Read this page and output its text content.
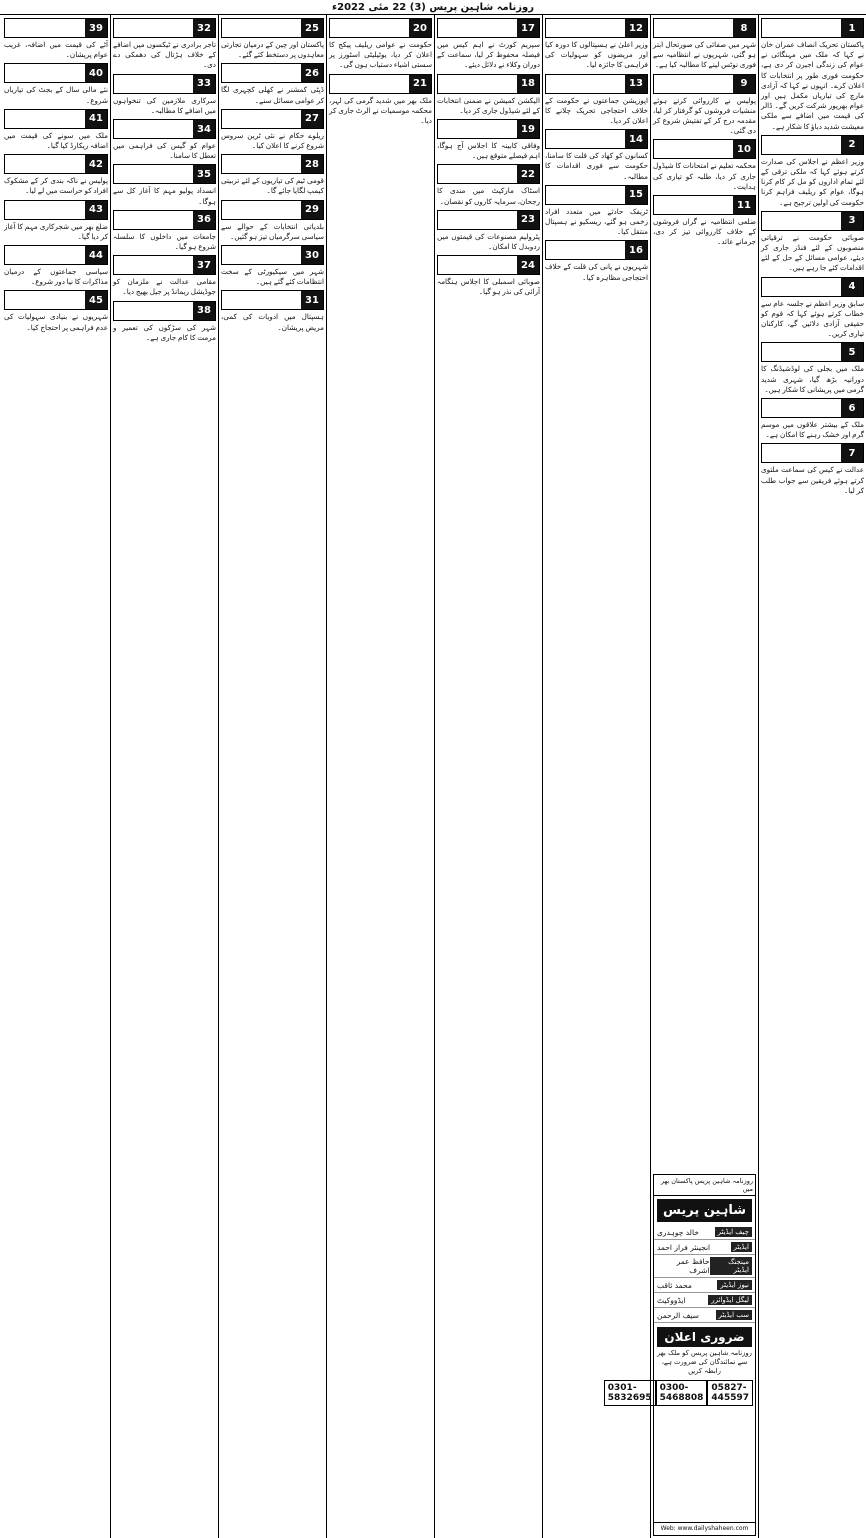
روزنامہ شاہین پریس (3) 22 مئی 2022ء
1
پاکستان تحریک انصاف عمران خان نے کہا کہ ملک میں مہنگائی نے عوام کی زندگی اجیرن کر دی ہے، حکومت فوری طور پر انتخابات کا اعلان کرے۔ انہوں نے کہا کہ آزادی مارچ کی تیاریاں مکمل ہیں اور عوام بھرپور شرکت کریں گے۔ ڈالر کی قیمت میں اضافے سے ملکی معیشت شدید دباؤ کا شکار ہے۔
2
وزیر اعظم نے اجلاس کی صدارت کرتے ہوئے کہا کہ ملکی ترقی کے لئے تمام اداروں کو مل کر کام کرنا ہوگا، عوام کو ریلیف فراہم کرنا حکومت کی اولین ترجیح ہے۔
3
صوبائی حکومت نے ترقیاتی منصوبوں کے لئے فنڈز جاری کر دیئے، عوامی مسائل کے حل کے لئے اقدامات کئے جا رہے ہیں۔
4
سابق وزیر اعظم نے جلسہ عام سے خطاب کرتے ہوئے کہا کہ قوم کو حقیقی آزادی دلائیں گے، کارکنان تیاری کریں۔
5
ملک میں بجلی کی لوڈشیڈنگ کا دورانیہ بڑھ گیا، شہری شدید گرمی میں پریشانی کا شکار ہیں۔
6
ملک کے بیشتر علاقوں میں موسم گرم اور خشک رہنے کا امکان ہے۔
7
عدالت نے کیس کی سماعت ملتوی کرتے ہوئے فریقین سے جواب طلب کر لیا۔
8
شہر میں صفائی کی صورتحال ابتر ہو گئی، شہریوں نے انتظامیہ سے فوری نوٹس لینے کا مطالبہ کیا ہے۔
9
پولیس نے کارروائی کرتے ہوئے منشیات فروشوں کو گرفتار کر لیا، مقدمہ درج کر کے تفتیش شروع کر دی گئی۔
10
محکمہ تعلیم نے امتحانات کا شیڈول جاری کر دیا، طلبہ کو تیاری کی ہدایت۔
11
ضلعی انتظامیہ نے گراں فروشوں کے خلاف کارروائی تیز کر دی، جرمانے عائد۔
روزنامہ شاہین پریس پاکستان بھر میں
شاہین پریس
چیف ایڈیٹر
خالد چوہدری
ایڈیٹر
انجینئر فراز احمد
مینجنگ ایڈیٹر
حافظ عمر اشرف
نیوز ایڈیٹر
محمد ثاقب
لیگل ایڈوائزر
ایڈووکیٹ
سب ایڈیٹر
سیف الرحمن
ضروری اعلان
روزنامہ شاہین پریس کو ملک بھر سے نمائندگان کی ضرورت ہے، رابطہ کریں
05827-445597
0300-5468808
0301-5832695
Web: www.dailyshaheen.com
12
وزیر اعلیٰ نے ہسپتالوں کا دورہ کیا اور مریضوں کو سہولیات کی فراہمی کا جائزہ لیا۔
13
اپوزیشن جماعتوں نے حکومت کے خلاف احتجاجی تحریک چلانے کا اعلان کر دیا۔
14
کسانوں کو کھاد کی قلت کا سامنا، حکومت سے فوری اقدامات کا مطالبہ۔
15
ٹریفک حادثے میں متعدد افراد زخمی ہو گئے، ریسکیو نے ہسپتال منتقل کیا۔
16
شہریوں نے پانی کی قلت کے خلاف احتجاجی مظاہرہ کیا۔
17
سپریم کورٹ نے اہم کیس میں فیصلہ محفوظ کر لیا، سماعت کے دوران وکلاء نے دلائل دیئے۔
18
الیکشن کمیشن نے ضمنی انتخابات کے لئے شیڈول جاری کر دیا۔
19
وفاقی کابینہ کا اجلاس آج ہوگا، اہم فیصلے متوقع ہیں۔
22
اسٹاک مارکیٹ میں مندی کا رجحان، سرمایہ کاروں کو نقصان۔
23
پٹرولیم مصنوعات کی قیمتوں میں ردوبدل کا امکان۔
24
صوبائی اسمبلی کا اجلاس ہنگامہ آرائی کی نذر ہو گیا۔
20
حکومت نے عوامی ریلیف پیکج کا اعلان کر دیا، یوٹیلیٹی اسٹورز پر سستی اشیاء دستیاب ہوں گی۔
21
ملک بھر میں شدید گرمی کی لہر، محکمہ موسمیات نے الرٹ جاری کر دیا۔
25
پاکستان اور چین کے درمیان تجارتی معاہدوں پر دستخط کئے گئے۔
26
ڈپٹی کمشنر نے کھلی کچہری لگا کر عوامی مسائل سنے۔
27
ریلوے حکام نے نئی ٹرین سروس شروع کرنے کا اعلان کیا۔
28
قومی ٹیم کی تیاریوں کے لئے تربیتی کیمپ لگایا جائے گا۔
29
بلدیاتی انتخابات کے حوالے سے سیاسی سرگرمیاں تیز ہو گئیں۔
30
شہر میں سیکیورٹی کے سخت انتظامات کئے گئے ہیں۔
31
ہسپتال میں ادویات کی کمی، مریض پریشان۔
32
تاجر برادری نے ٹیکسوں میں اضافے کے خلاف ہڑتال کی دھمکی دے دی۔
33
سرکاری ملازمین کی تنخواہوں میں اضافے کا مطالبہ۔
34
عوام کو گیس کی فراہمی میں تعطل کا سامنا۔
35
انسداد پولیو مہم کا آغاز کل سے ہوگا۔
36
جامعات میں داخلوں کا سلسلہ شروع ہو گیا۔
37
مقامی عدالت نے ملزمان کو جوڈیشل ریمانڈ پر جیل بھیج دیا۔
38
شہر کی سڑکوں کی تعمیر و مرمت کا کام جاری ہے۔
39
آٹے کی قیمت میں اضافہ، غریب عوام پریشان۔
40
نئے مالی سال کے بجٹ کی تیاریاں شروع۔
41
ملک میں سونے کی قیمت میں اضافہ ریکارڈ کیا گیا۔
42
پولیس نے ناکہ بندی کر کے مشکوک افراد کو حراست میں لے لیا۔
43
ضلع بھر میں شجرکاری مہم کا آغاز کر دیا گیا۔
44
سیاسی جماعتوں کے درمیان مذاکرات کا نیا دور شروع۔
45
شہریوں نے بنیادی سہولیات کی عدم فراہمی پر احتجاج کیا۔
